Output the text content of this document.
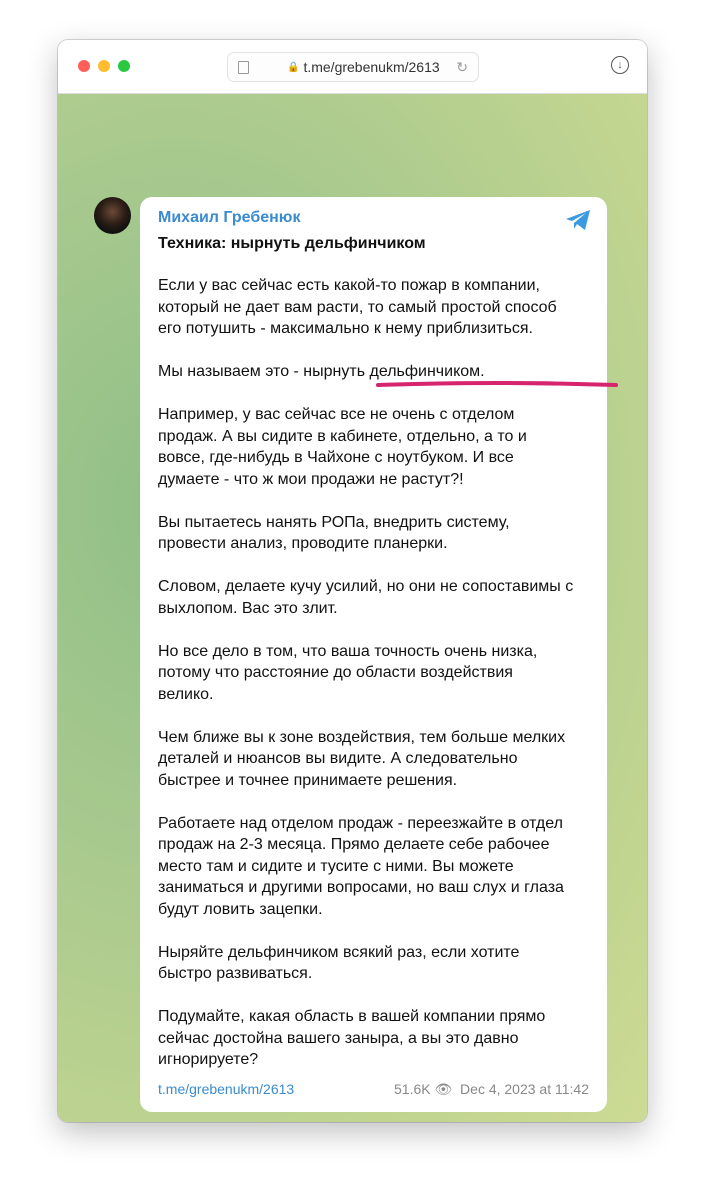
🔒 t.me/grebenukm/2613 ↻	↓
Михаил Гребенюк
Техника: нырнуть дельфинчиком
Если у вас сейчас есть какой-то пожар в компании,
который не дает вам расти, то самый простой способ
его потушить - максимально к нему приблизиться.
Мы называем это - нырнуть дельфинчиком.
Например, у вас сейчас все не очень с отделом
продаж. А вы сидите в кабинете, отдельно, а то и
вовсе, где-нибудь в Чайхоне с ноутбуком. И все
думаете - что ж мои продажи не растут?!
Вы пытаетесь нанять РОПа, внедрить систему,
провести анализ, проводите планерки.
Словом, делаете кучу усилий, но они не сопоставимы с
выхлопом. Вас это злит.
Но все дело в том, что ваша точность очень низка,
потому что расстояние до области воздействия
велико.
Чем ближе вы к зоне воздействия, тем больше мелких
деталей и нюансов вы видите. А следовательно
быстрее и точнее принимаете решения.
Работаете над отделом продаж - переезжайте в отдел
продаж на 2-3 месяца. Прямо делаете себе рабочее
место там и сидите и тусите с ними. Вы можете
заниматься и другими вопросами, но ваш слух и глаза
будут ловить зацепки.
Ныряйте дельфинчиком всякий раз, если хотите
быстро развиваться.
Подумайте, какая область в вашей компании прямо
сейчас достойна вашего заныра, а вы это давно
игнорируете?
t.me/grebenukm/2613	51.6K 👁 Dec 4, 2023 at 11:42
